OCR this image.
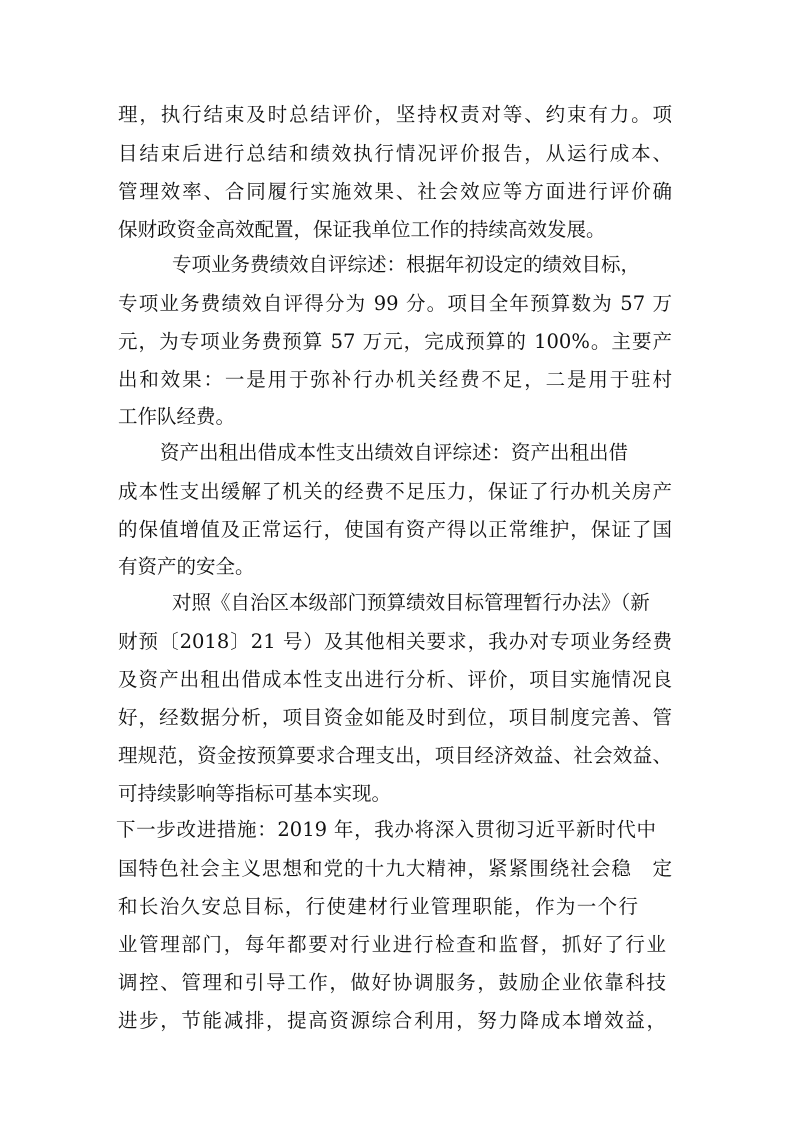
理，执行结束及时总结评价，坚持权责对等、约束有力。项
目结束后进行总结和绩效执行情况评价报告，从运行成本、
管理效率、合同履行实施效果、社会效应等方面进行评价确
保财政资金高效配置，保证我单位工作的持续高效发展。
专项业务费绩效自评综述：根据年初设定的绩效目标，
专项业务费绩效自评得分为 99 分。项目全年预算数为 57 万
元，为专项业务费预算 57 万元，完成预算的 100%。主要产
出和效果：一是用于弥补行办机关经费不足，二是用于驻村
工作队经费。
资产出租出借成本性支出绩效自评综述：资产出租出借
成本性支出缓解了机关的经费不足压力，保证了行办机关房产
的保值增值及正常运行，使国有资产得以正常维护，保证了国
有资产的安全。
对照《自治区本级部门预算绩效目标管理暂行办法》（新
财预〔2018〕21 号）及其他相关要求，我办对专项业务经费
及资产出租出借成本性支出进行分析、评价，项目实施情况良
好，经数据分析，项目资金如能及时到位，项目制度完善、管
理规范，资金按预算要求合理支出，项目经济效益、社会效益、
可持续影响等指标可基本实现。
下一步改进措施：2019 年，我办将深入贯彻习近平新时代中
国特色社会主义思想和党的十九大精神，紧紧围绕社会稳　定
和长治久安总目标，行使建材行业管理职能，作为一个行
业管理部门，每年都要对行业进行检查和监督，抓好了行业
调控、管理和引导工作，做好协调服务，鼓励企业依靠科技
进步，节能减排，提高资源综合利用，努力降成本增效益，
